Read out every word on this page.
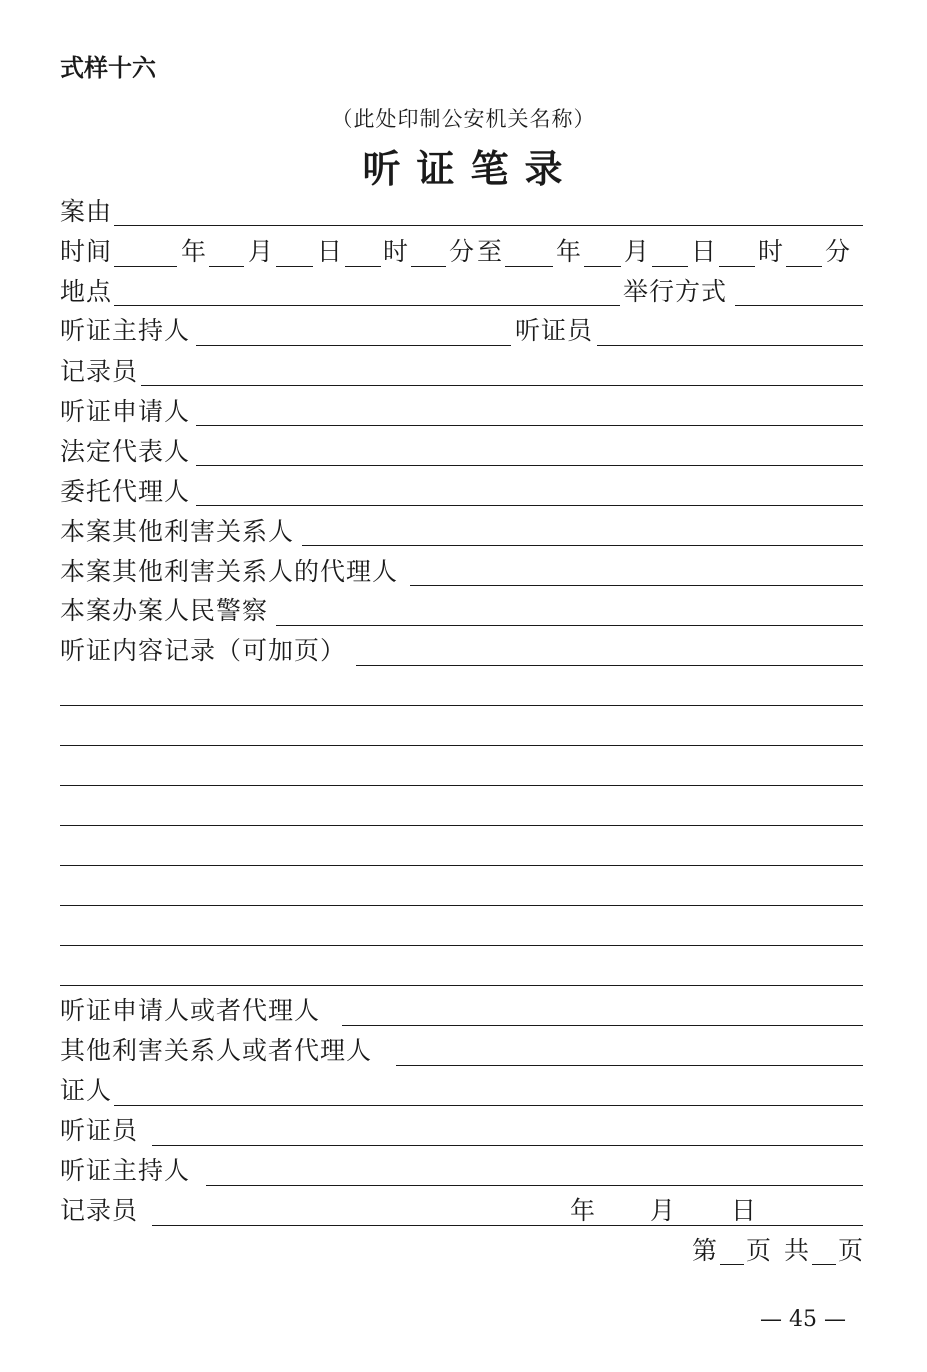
式样十六
（此处印制公安机关名称）
听证笔录
案由
时间	年 月 日 时 分 至 年 月 日 时 分
地点	举行方式
听证主持人	听证员
记录员
听证申请人
法定代表人
委托代理人
本案其他利害关系人
本案其他利害关系人的代理人
本案办案人民警察
听证内容记录（可加页）
听证申请人或者代理人
其他利害关系人或者代理人
证人
听证员
听证主持人
记录员	年 月 日
第 页 共 页
— 45 —
